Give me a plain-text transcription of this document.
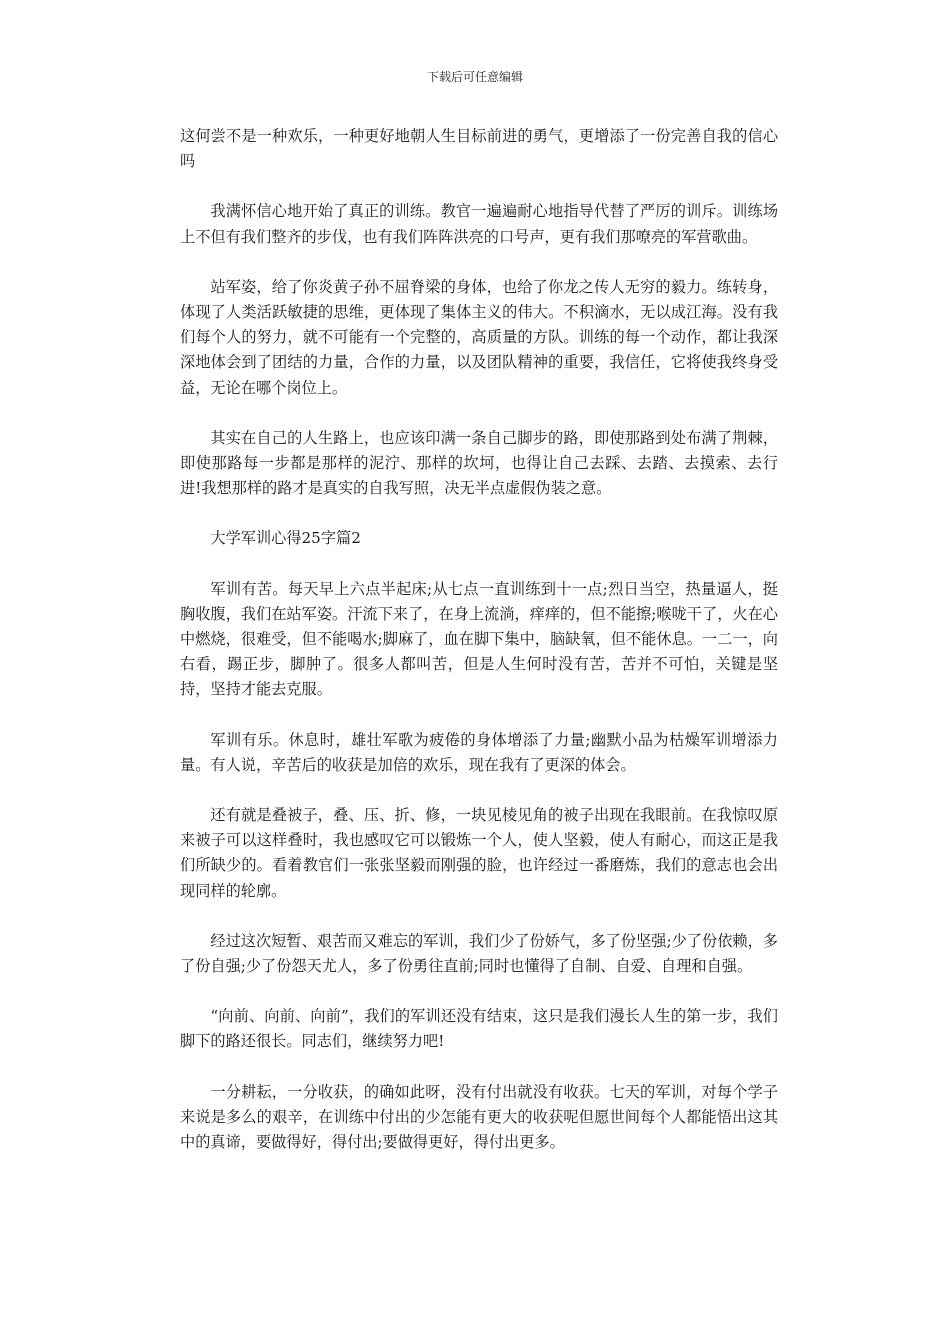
下载后可任意编辑

这何尝不是一种欢乐，一种更好地朝人生目标前进的勇气，更增添了一份完善自我的信心吗

我满怀信心地开始了真正的训练。教官一遍遍耐心地指导代替了严厉的训斥。训练场上不但有我们整齐的步伐，也有我们阵阵洪亮的口号声，更有我们那嘹亮的军营歌曲。

站军姿，给了你炎黄子孙不屈脊梁的身体，也给了你龙之传人无穷的毅力。练转身，体现了人类活跃敏捷的思维，更体现了集体主义的伟大。不积滴水，无以成江海。没有我们每个人的努力，就不可能有一个完整的，高质量的方队。训练的每一个动作，都让我深深地体会到了团结的力量，合作的力量，以及团队精神的重要，我信任，它将使我终身受益，无论在哪个岗位上。

其实在自己的人生路上，也应该印满一条自己脚步的路，即使那路到处布满了荆棘，即使那路每一步都是那样的泥泞、那样的坎坷，也得让自己去踩、去踏、去摸索、去行进!我想那样的路才是真实的自我写照，决无半点虚假伪装之意。

大学军训心得25字篇2

军训有苦。每天早上六点半起床;从七点一直训练到十一点;烈日当空，热量逼人，挺胸收腹，我们在站军姿。汗流下来了，在身上流淌，痒痒的，但不能擦;喉咙干了，火在心中燃烧，很难受，但不能喝水;脚麻了，血在脚下集中，脑缺氧，但不能休息。一二一，向右看，踢正步，脚肿了。很多人都叫苦，但是人生何时没有苦，苦并不可怕，关键是坚持，坚持才能去克服。

军训有乐。休息时，雄壮军歌为疲倦的身体增添了力量;幽默小品为枯燥军训增添力量。有人说，辛苦后的收获是加倍的欢乐，现在我有了更深的体会。

还有就是叠被子，叠、压、折、修，一块见棱见角的被子出现在我眼前。在我惊叹原来被子可以这样叠时，我也感叹它可以锻炼一个人，使人坚毅，使人有耐心，而这正是我们所缺少的。看着教官们一张张坚毅而刚强的脸，也许经过一番磨炼，我们的意志也会出现同样的轮廓。

经过这次短暂、艰苦而又难忘的军训，我们少了份娇气，多了份坚强;少了份依赖，多了份自强;少了份怨天尤人，多了份勇往直前;同时也懂得了自制、自爱、自理和自强。

“向前、向前、向前”，我们的军训还没有结束，这只是我们漫长人生的第一步，我们脚下的路还很长。同志们，继续努力吧!

一分耕耘，一分收获，的确如此呀，没有付出就没有收获。七天的军训，对每个学子来说是多么的艰辛，在训练中付出的少怎能有更大的收获呢但愿世间每个人都能悟出这其中的真谛，要做得好，得付出;要做得更好，得付出更多。
